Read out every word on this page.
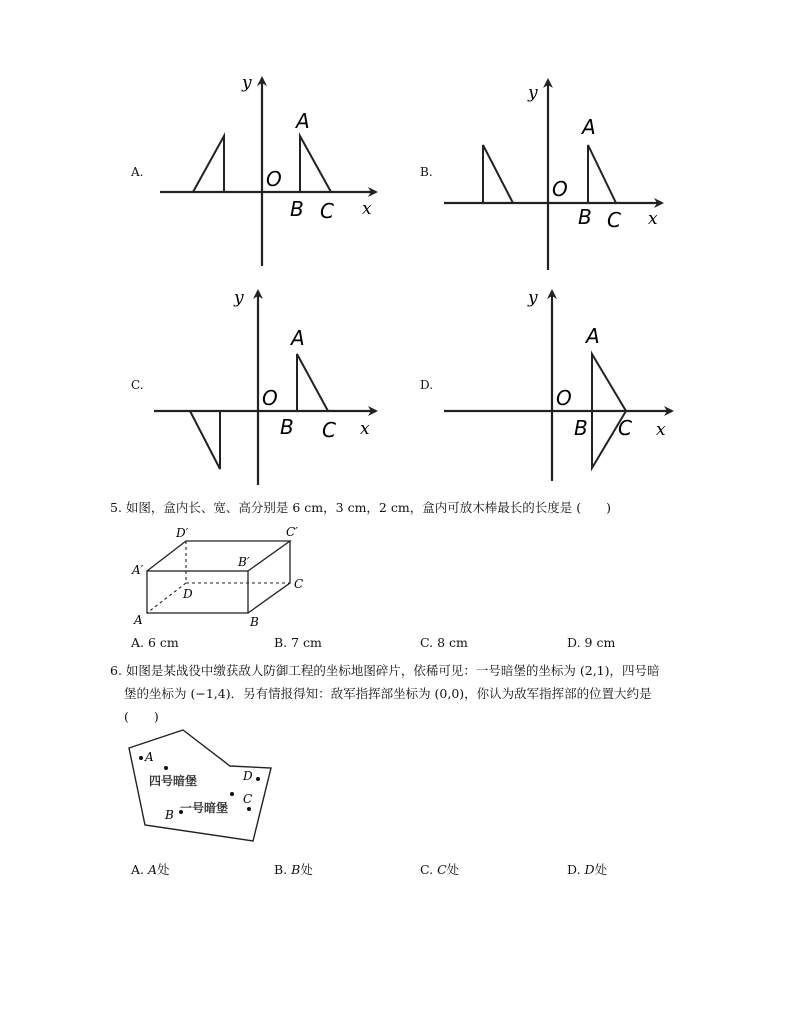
A.
y
x
O
A
B C
B.
y
x
O
A
B C
C.
y
x
O
A
B C
D.
y
x
O
A
B C
5. 如图，盒内长、宽、高分别是 6 cm，3 cm，2 cm，盒内可放木棒最长的长度是 (　　)
D′	C′
A′
B′
C
D
A	B
A. 6 cm	B. 7 cm	C. 8 cm	D. 9 cm
6. 如图是某战役中缴获敌人防御工程的坐标地图碎片，依稀可见：一号暗堡的坐标为 (2,1)，四号暗
堡的坐标为 (−1,4)．另有情报得知：敌军指挥部坐标为 (0,0)，你认为敌军指挥部的位置大约是
(　　)
A
D
C
B
四号暗堡
一号暗堡
A. A处	B. B处	C. C处	D. D处
